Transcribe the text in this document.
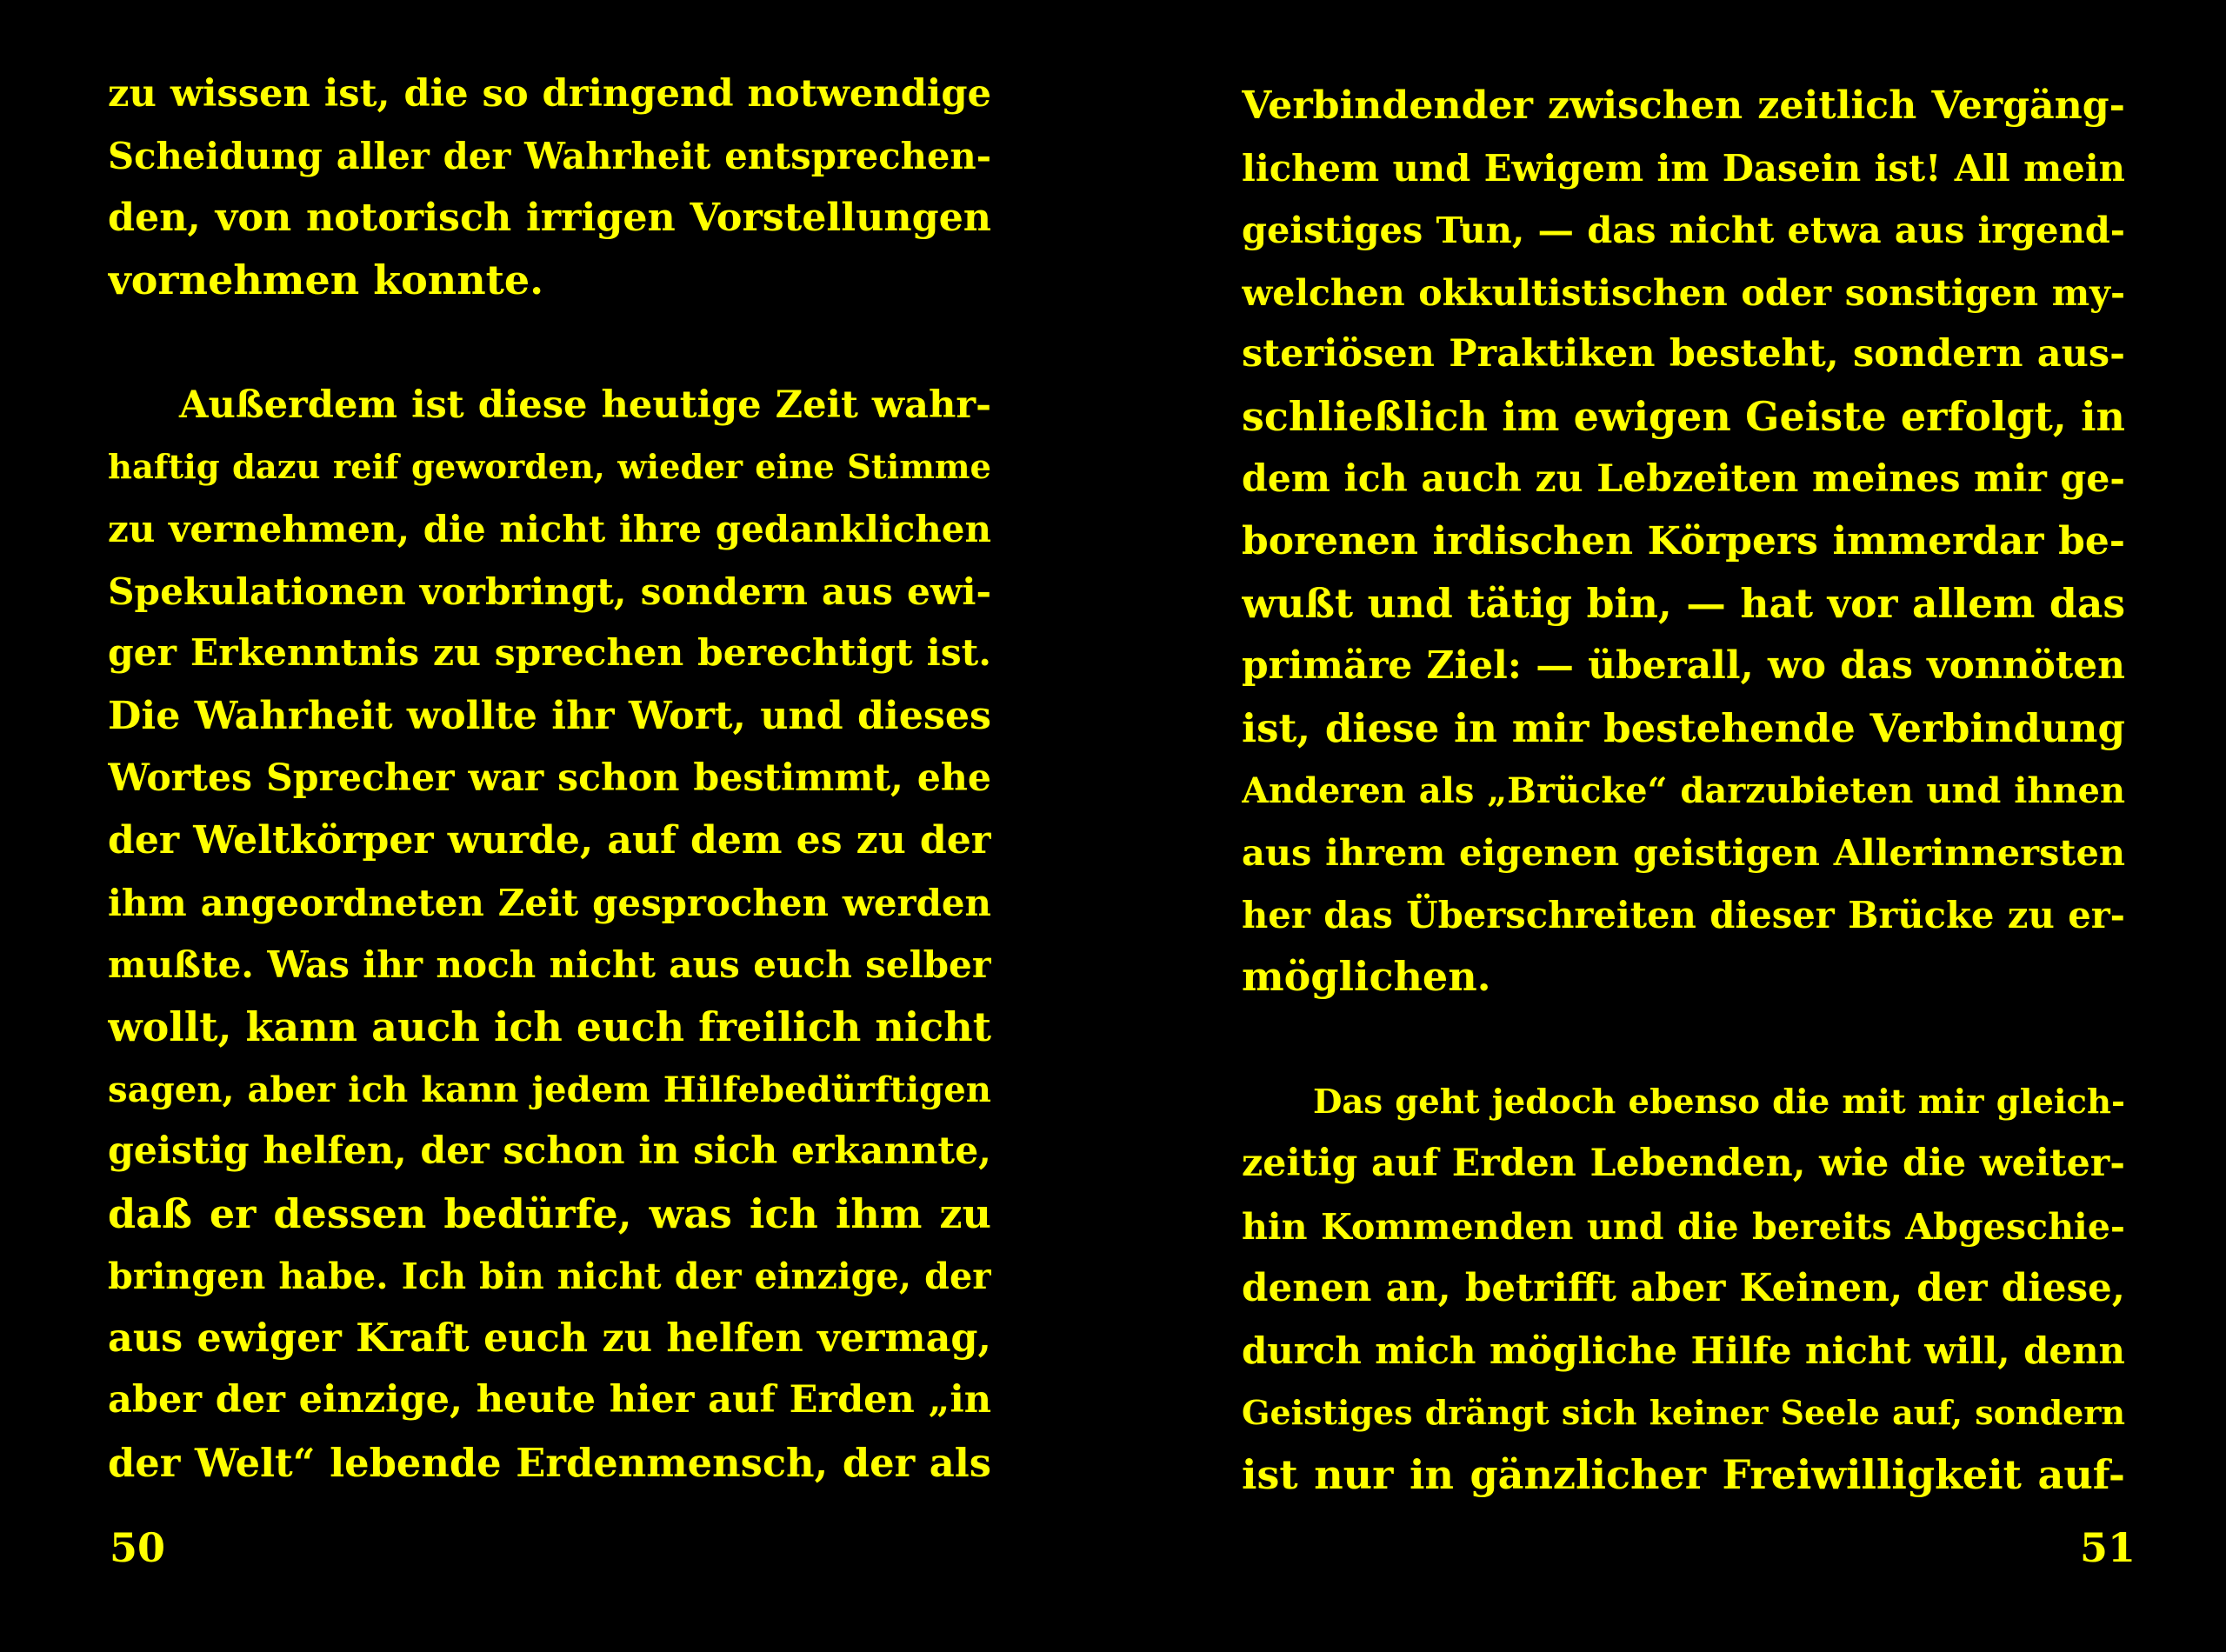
zu wissen ist, die so dringend notwendige
Scheidung aller der Wahrheit entsprechen-
den, von notorisch irrigen Vorstellungen
vornehmen konnte.
Außerdem ist diese heutige Zeit wahr-
haftig dazu reif geworden, wieder eine Stimme
zu vernehmen, die nicht ihre gedanklichen
Spekulationen vorbringt, sondern aus ewi-
ger Erkenntnis zu sprechen berechtigt ist.
Die Wahrheit wollte ihr Wort, und dieses
Wortes Sprecher war schon bestimmt, ehe
der Weltkörper wurde, auf dem es zu der
ihm angeordneten Zeit gesprochen werden
mußte. Was ihr noch nicht aus euch selber
wollt, kann auch ich euch freilich nicht
sagen, aber ich kann jedem Hilfebedürftigen
geistig helfen, der schon in sich erkannte,
daß er dessen bedürfe, was ich ihm zu
bringen habe. Ich bin nicht der einzige, der
aus ewiger Kraft euch zu helfen vermag,
aber der einzige, heute hier auf Erden „in
der Welt“ lebende Erdenmensch, der als
50
Verbindender zwischen zeitlich Vergäng-
lichem und Ewigem im Dasein ist! All mein
geistiges Tun, — das nicht etwa aus irgend-
welchen okkultistischen oder sonstigen my-
steriösen Praktiken besteht, sondern aus-
schließlich im ewigen Geiste erfolgt, in
dem ich auch zu Lebzeiten meines mir ge-
borenen irdischen Körpers immerdar be-
wußt und tätig bin, — hat vor allem das
primäre Ziel: — überall, wo das vonnöten
ist, diese in mir bestehende Verbindung
Anderen als „Brücke“ darzubieten und ihnen
aus ihrem eigenen geistigen Allerinnersten
her das Überschreiten dieser Brücke zu er-
möglichen.
Das geht jedoch ebenso die mit mir gleich-
zeitig auf Erden Lebenden, wie die weiter-
hin Kommenden und die bereits Abgeschie-
denen an, betrifft aber Keinen, der diese,
durch mich mögliche Hilfe nicht will, denn
Geistiges drängt sich keiner Seele auf, sondern
ist nur in gänzlicher Freiwilligkeit auf-
51
